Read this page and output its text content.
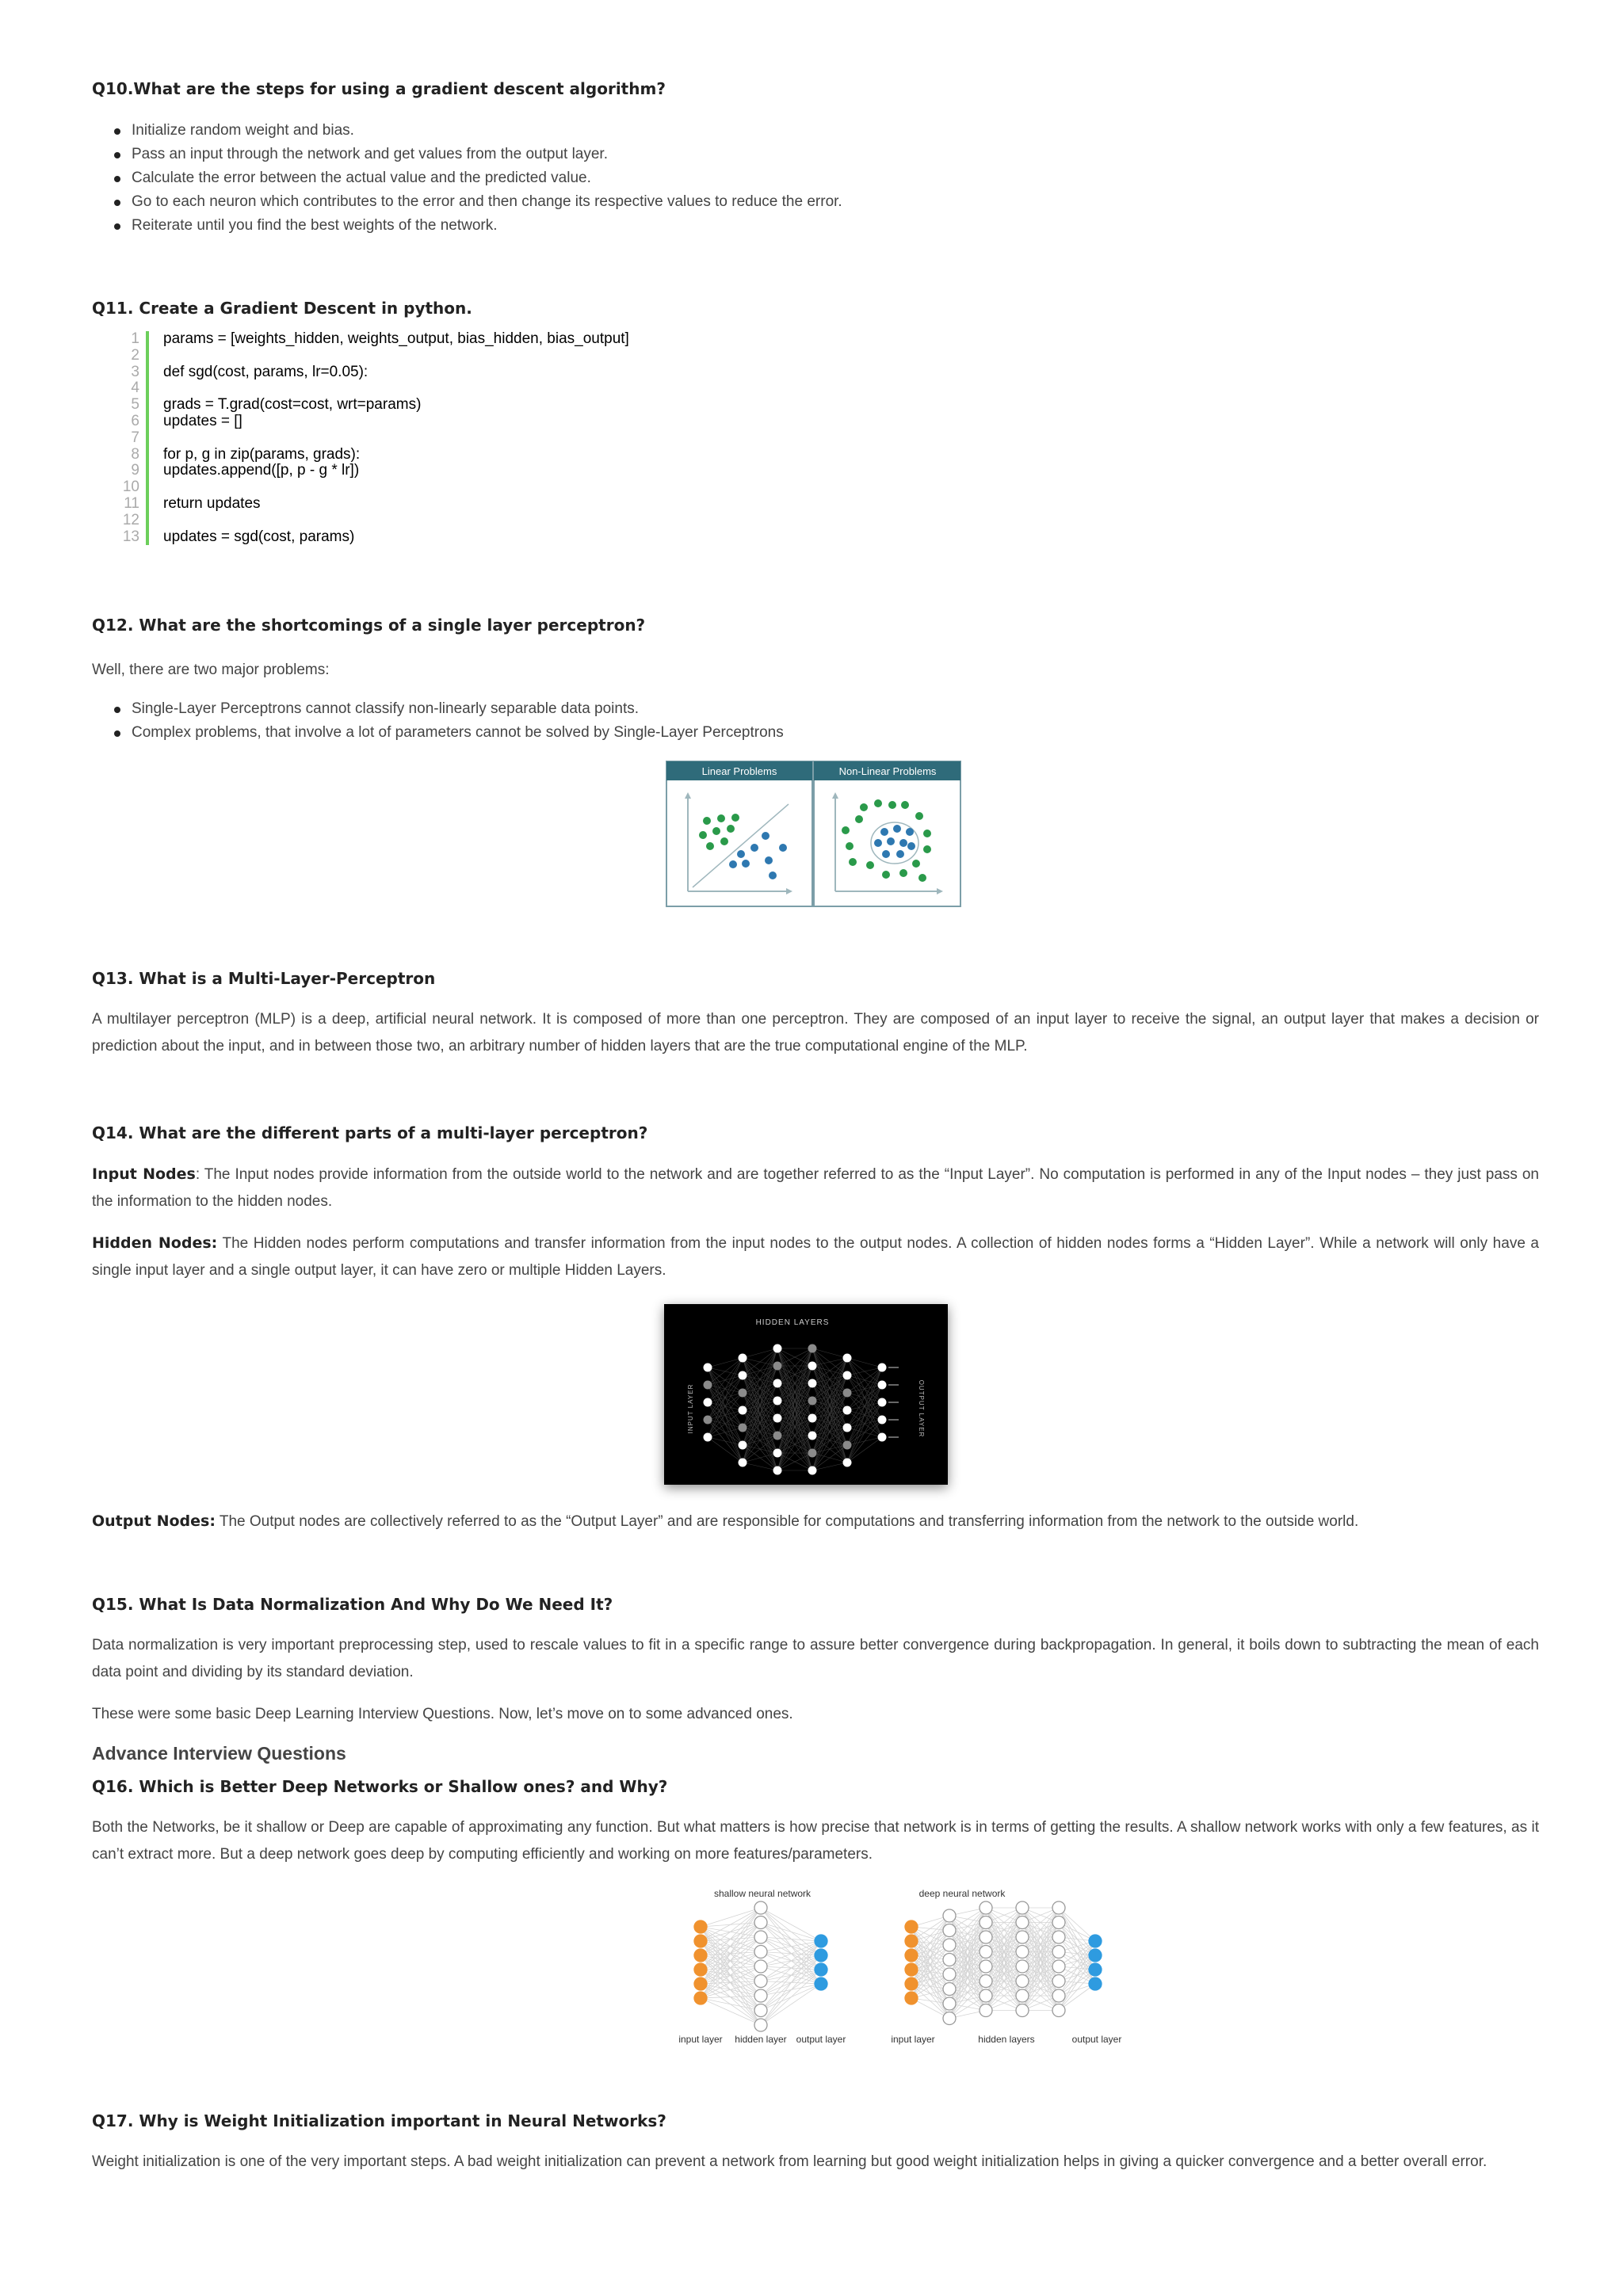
Q10.What are the steps for using a gradient descent algorithm?
Initialize random weight and bias.
Pass an input through the network and get values from the output layer.
Calculate the error between the actual value and the predicted value.
Go to each neuron which contributes to the error and then change its respective values to reduce the error.
Reiterate until you find the best weights of the network.
Q11. Create a Gradient Descent in python.
1	params = [weights_hidden, weights_output, bias_hidden, bias_output]
2
3	def sgd(cost, params, lr=0.05):
4
5	grads = T.grad(cost=cost, wrt=params)
6	updates = []
7
8	for p, g in zip(params, grads):
9	updates.append([p, p - g * lr])
10
11	return updates
12
13	updates = sgd(cost, params)
Q12. What are the shortcomings of a single layer perceptron?

Well, there are two major problems:

Single-Layer Perceptrons cannot classify non-linearly separable data points.
Complex problems, that involve a lot of parameters cannot be solved by Single-Layer Perceptrons
Linear Problems	Non-Linear Problems
Q13. What is a Multi-Layer-Perceptron

A multilayer perceptron (MLP) is a deep, artificial neural network. It is composed of more than one perceptron. They are composed of an input layer to receive the signal, an output layer that makes a decision or prediction about the input, and in between those two, an arbitrary number of hidden layers that are the true computational engine of the MLP.

Q14. What are the different parts of a multi-layer perceptron?

Input Nodes: The Input nodes provide information from the outside world to the network and are together referred to as the “Input Layer”. No computation is performed in any of the Input nodes – they just pass on the information to the hidden nodes.

Hidden Nodes: The Hidden nodes perform computations and transfer information from the input nodes to the output nodes. A collection of hidden nodes forms a “Hidden Layer”. While a network will only have a single input layer and a single output layer, it can have zero or multiple Hidden Layers.

HIDDEN LAYERS
INPUT LAYER	OUTPUT LAYER

Output Nodes: The Output nodes are collectively referred to as the “Output Layer” and are responsible for computations and transferring information from the network to the outside world.

Q15. What Is Data Normalization And Why Do We Need It?

Data normalization is very important preprocessing step, used to rescale values to fit in a specific range to assure better convergence during backpropagation. In general, it boils down to subtracting the mean of each data point and dividing by its standard deviation.

These were some basic Deep Learning Interview Questions. Now, let’s move on to some advanced ones.

Advance Interview Questions
Q16. Which is Better Deep Networks or Shallow ones? and Why?

Both the Networks, be it shallow or Deep are capable of approximating any function. But what matters is how precise that network is in terms of getting the results. A shallow network works with only a few features, as it can’t extract more. But a deep network goes deep by computing efficiently and working on more features/parameters.

shallow neural network	deep neural network
input layer hidden layer output layer	input layer	hidden layers	output layer
Q17. Why is Weight Initialization important in Neural Networks?

Weight initialization is one of the very important steps. A bad weight initialization can prevent a network from learning but good weight initialization helps in giving a quicker convergence and a better overall error.
